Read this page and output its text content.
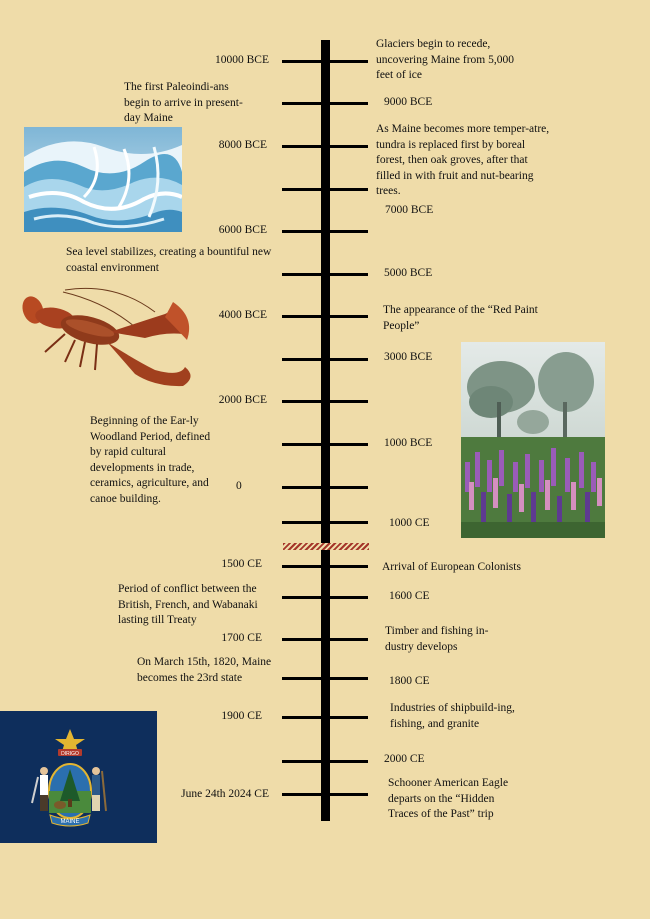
10000 BCE
9000 BCE
8000 BCE
7000 BCE
6000 BCE
5000 BCE
4000 BCE
3000 BCE
2000 BCE
1000 BCE
0
1000 CE
1500 CE
1600 CE
1700 CE
1800 CE
1900 CE
2000 CE
June 24th 2024 CE
Glaciers begin to recede, uncovering Maine from 5,000 feet of ice
The first Paleoindi-ans begin to arrive in present-day Maine
As Maine becomes more temper-atre, tundra is replaced first by boreal forest, then oak groves, after that filled in with fruit and nut-bearing trees.
Sea level stabilizes, creating a bountiful new coastal environment
The appearance of the “Red Paint People”
Beginning of the Ear-ly Woodland Period, defined by rapid cultural developments in trade, ceramics, agriculture, and canoe building.
Arrival of European Colonists
Period of conflict between the British, French, and Wabanaki lasting till Treaty
Timber and fishing in-dustry develops
On March 15th, 1820, Maine becomes the 23rd state
Industries of shipbuild-ing, fishing, and granite
Schooner American Eagle departs on the “Hidden Traces of the Past” trip
DIRIGO
MAINE
